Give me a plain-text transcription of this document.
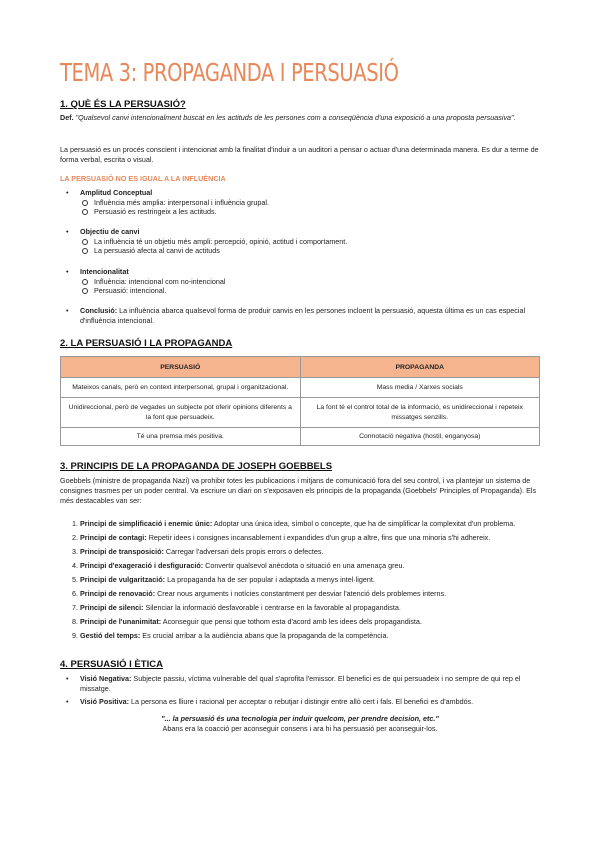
TEMA 3: PROPAGANDA I PERSUASIÓ
1. QUÈ ÉS LA PERSUASIÓ?
Def. "Qualsevol canvi intencionalment buscat en les actituds de les persones com a conseqüència d'una exposició a una proposta persuasiva".
La persuasió es un procés conscient i intencionat amb la finalitat d'induir a un auditori a pensar o actuar d'una determinada manera. Es dur a terme de forma verbal, escrita o visual.
LA PERSUASIÓ NO ES IGUAL A LA INFLUÈNCIA
• Amplitud Conceptual
Influència més amplia: interpersonal i influència grupal.
Persuasió es restringeix a les actituds.
• Objectiu de canvi
La influència té un objetiu més ampli: percepció, opinió, actitud i comportament.
La persuasió afecta al canvi de actituds
• Intencionalitat
Influència: intencional com no-intencional
Persuasió: intencional.
• Conclusió: La influència abarca qualsevol forma de produir canvis en les persones incloent la persuasió, aquesta última es un cas especial d'influència intencional.
2. LA PERSUASIÓ I LA PROPAGANDA
PERSUASIÓ	PROPAGANDA
Mateixos canals, però en context interpersonal, grupal i organitzacional.	Mass media / Xarxes socials
Unidireccional, però de vegades un subjecte pot oferir opinions diferents a la font que persuadeix.	La font té el control total de la informació, es unidireccional i repeteix missatges senzills.
Té una premsa més positiva.	Connotació negativa (hostil, enganyosa)
3. PRINCIPIS DE LA PROPAGANDA DE JOSEPH GOEBBELS
Goebbels (ministre de propaganda Nazi) va prohibir totes les publicacions i mitjans de comunicació fora del seu control, i va plantejar un sistema de consignes trasmes per un poder central. Va escriure un diari on s'exposaven els principis de la propaganda (Goebbels' Principles of Propaganda). Els més destacables van ser:
1. Principi de simplificació i enemic únic: Adoptar una única idea, símbol o concepte, que ha de simplificar la complexitat d'un problema.
2. Principi de contagi: Repetir idees i consignes incansablement i expandides d'un grup a altre, fins que una minoria s'hi adhereix.
3. Principi de transposició: Carregar l'adversari dels propis errors o defectes.
4. Principi d'exageració i desfiguració: Convertir qualsevol anècdota o situació en una amenaça greu.
5. Principi de vulgarització: La propaganda ha de ser popular i adaptada a menys intel·ligent.
6. Principi de renovació: Crear nous arguments i notícies constantment per desviar l'atenció dels problemes interns.
7. Principi de silenci: Silenciar la informació desfavorable i centrarse en la favorable al propagandista.
8. Principi de l'unanimitat: Aconseguir que pensi que tothom esta d'acord amb les idees dels propagandista.
9. Gestió del temps: Es crucial arribar a la audiència abans que la propaganda de la competència.
4. PERSUASIÓ I ÈTICA
• Visió Negativa: Subjecte passiu, víctima vulnerable del qual s'aprofita l'emissor. El benefici es de qui persuadeix i no sempre de qui rep el missatge.
• Visió Positiva: La persona es lliure i racional per acceptar o rebutjar i distingir entre allò cert i fals. El benefici es d'ambdós.
"... la persuasió és una tecnologia per induir quelcom, per prendre decision, etc."
Abans era la coacció per aconseguir consens i ara hi ha persuasió per aconseguir-los.
